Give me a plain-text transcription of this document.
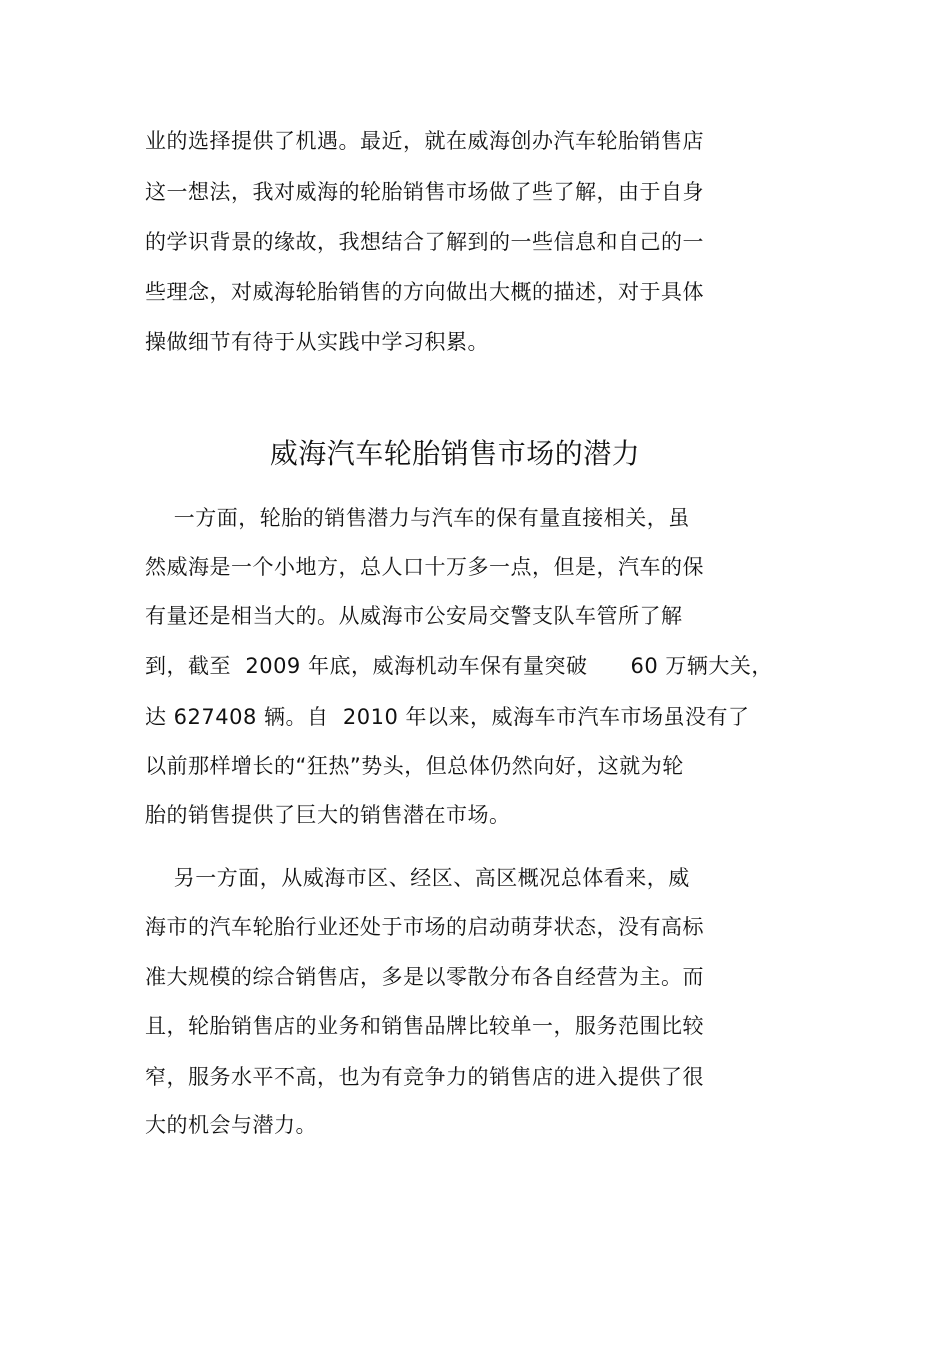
业的选择提供了机遇。最近，就在威海创办汽车轮胎销售店
这一想法，我对威海的轮胎销售市场做了些了解，由于自身
的学识背景的缘故，我想结合了解到的一些信息和自己的一
些理念，对威海轮胎销售的方向做出大概的描述，对于具体
操做细节有待于从实践中学习积累。
威海汽车轮胎销售市场的潜力
一方面，轮胎的销售潜力与汽车的保有量直接相关，虽
然威海是一个小地方，总人口十万多一点，但是，汽车的保
有量还是相当大的。从威海市公安局交警支队车管所了解
到，截至  2009 年底，威海机动车保有量突破      60 万辆大关，
达 627408 辆。自  2010 年以来，威海车市汽车市场虽没有了
以前那样增长的“狂热”势头，但总体仍然向好，这就为轮
胎的销售提供了巨大的销售潜在市场。
另一方面，从威海市区、经区、高区概况总体看来，威
海市的汽车轮胎行业还处于市场的启动萌芽状态，没有高标
准大规模的综合销售店，多是以零散分布各自经营为主。而
且，轮胎销售店的业务和销售品牌比较单一，服务范围比较
窄，服务水平不高，也为有竞争力的销售店的进入提供了很
大的机会与潜力。
